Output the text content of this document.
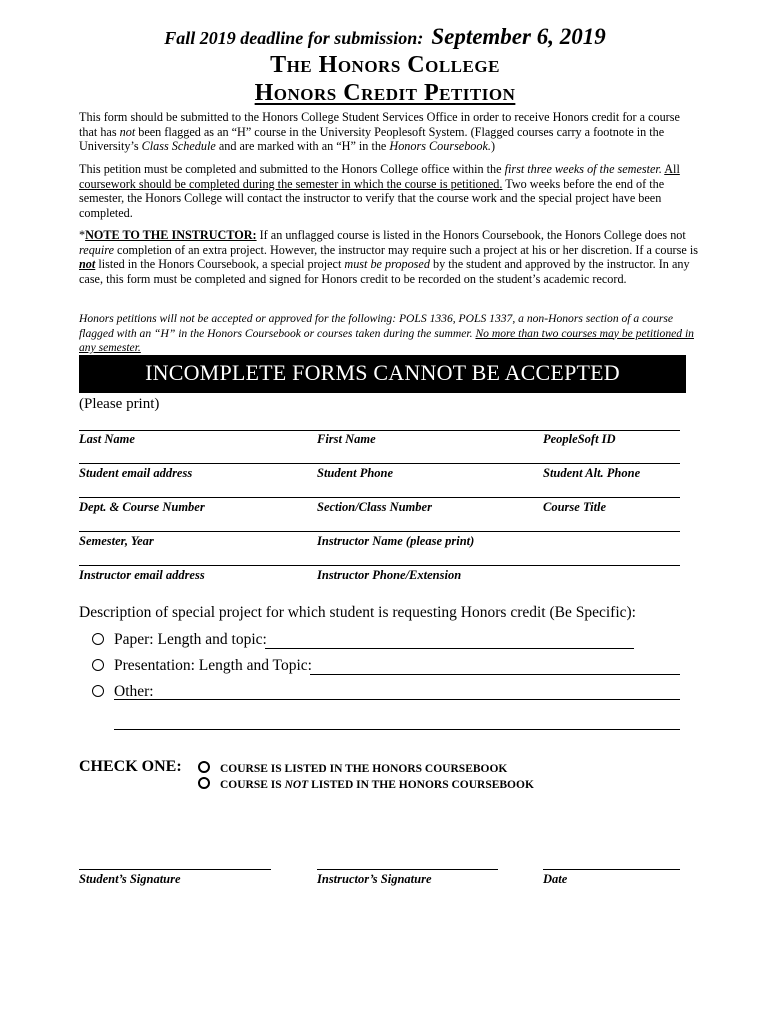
Fall 2019 deadline for submission: September 6, 2019
The Honors College
Honors Credit Petition
This form should be submitted to the Honors College Student Services Office in order to receive Honors credit for a course that has not been flagged as an “H” course in the University Peoplesoft System. (Flagged courses carry a footnote in the University’s Class Schedule and are marked with an “H” in the Honors Coursebook.)
This petition must be completed and submitted to the Honors College office within the first three weeks of the semester. All coursework should be completed during the semester in which the course is petitioned. Two weeks before the end of the semester, the Honors College will contact the instructor to verify that the course work and the special project have been completed.
*NOTE TO THE INSTRUCTOR: If an unflagged course is listed in the Honors Coursebook, the Honors College does not require completion of an extra project. However, the instructor may require such a project at his or her discretion. If a course is not listed in the Honors Coursebook, a special project must be proposed by the student and approved by the instructor. In any case, this form must be completed and signed for Honors credit to be recorded on the student’s academic record.
Honors petitions will not be accepted or approved for the following: POLS 1336, POLS 1337, a non-Honors section of a course flagged with an “H” in the Honors Coursebook or courses taken during the summer. No more than two courses may be petitioned in any semester.
INCOMPLETE FORMS CANNOT BE ACCEPTED
(Please print)
Last Name	First Name	PeopleSoft ID
Student email address	Student Phone	Student Alt. Phone
Dept. & Course Number	Section/Class Number	Course Title
Semester, Year	Instructor Name (please print)
Instructor email address	Instructor Phone/Extension
Description of special project for which student is requesting Honors credit (Be Specific):
Paper: Length and topic:
Presentation: Length and Topic:
Other:
CHECK ONE:	COURSE IS LISTED IN THE HONORS COURSEBOOK
COURSE IS NOT LISTED IN THE HONORS COURSEBOOK
Student’s Signature	Instructor’s Signature	Date
